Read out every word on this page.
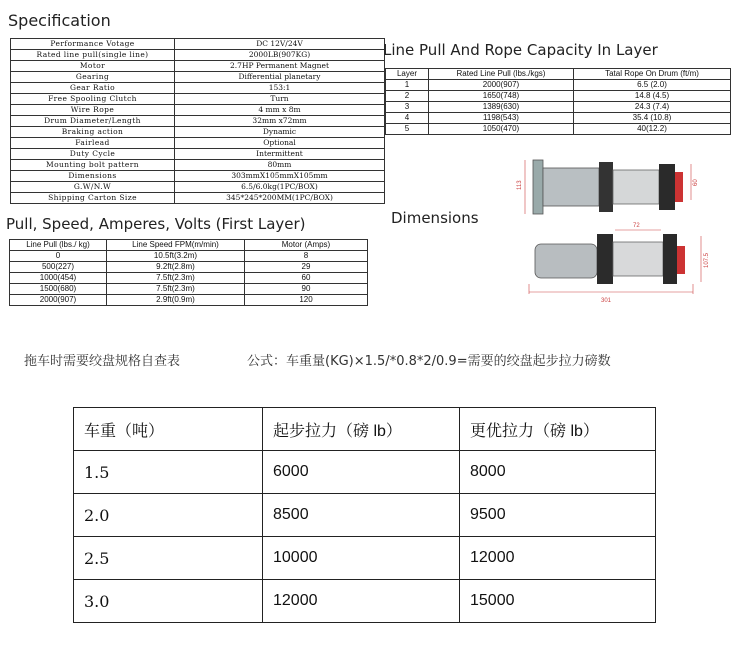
Specification
Performance Votage	DC 12V/24V
Rated line pull(single line)	2000LB(907KG)
Motor	2.7HP Permanent Magnet
Gearing	Differential planetary
Gear Ratio	153:1
Free Spooling Clutch	Turn
Wire Rope	4 mm x 8m
Drum Diameter/Length	32mm x72mm
Braking action	Dynamic
Fairlead	Optional
Duty Cycle	Intermittent
Mounting bolt pattern	80mm
Dimensions	303mmX105mmX105mm
G.W/N.W	6.5/6.0kg(1PC/BOX)
Shipping Carton Size	345*245*200MM(1PC/BOX)
Line Pull And Rope Capacity In Layer
Layer	Rated Line Pull (lbs./kgs)	Tatal Rope On Drum (ft/m)
1	2000(907)	6.5 (2.0)
2	1650(748)	14.8 (4.5)
3	1389(630)	24.3 (7.4)
4	1198(543)	35.4 (10.8)
5	1050(470)	40(12.2)
Dimensions
113	60
72
107.5
301
Pull, Speed, Amperes, Volts (First Layer)
Line Pull (lbs./ kg)	Line Speed FPM(m/min)	Motor (Amps)
0	10.5ft(3.2m)	8
500(227)	9.2ft(2.8m)	29
1000(454)	7.5ft(2.3m)	60
1500(680)	7.5ft(2.3m)	90
2000(907)	2.9ft(0.9m)	120
拖车时需要绞盘规格自查表	公式：车重量(KG)×1.5/*0.8*2/0.9=需要的绞盘起步拉力磅数
车重（吨）	起步拉力（磅 lb）	更优拉力（磅 lb）
1.5	6000	8000
2.0	8500	9500
2.5	10000	12000
3.0	12000	15000
